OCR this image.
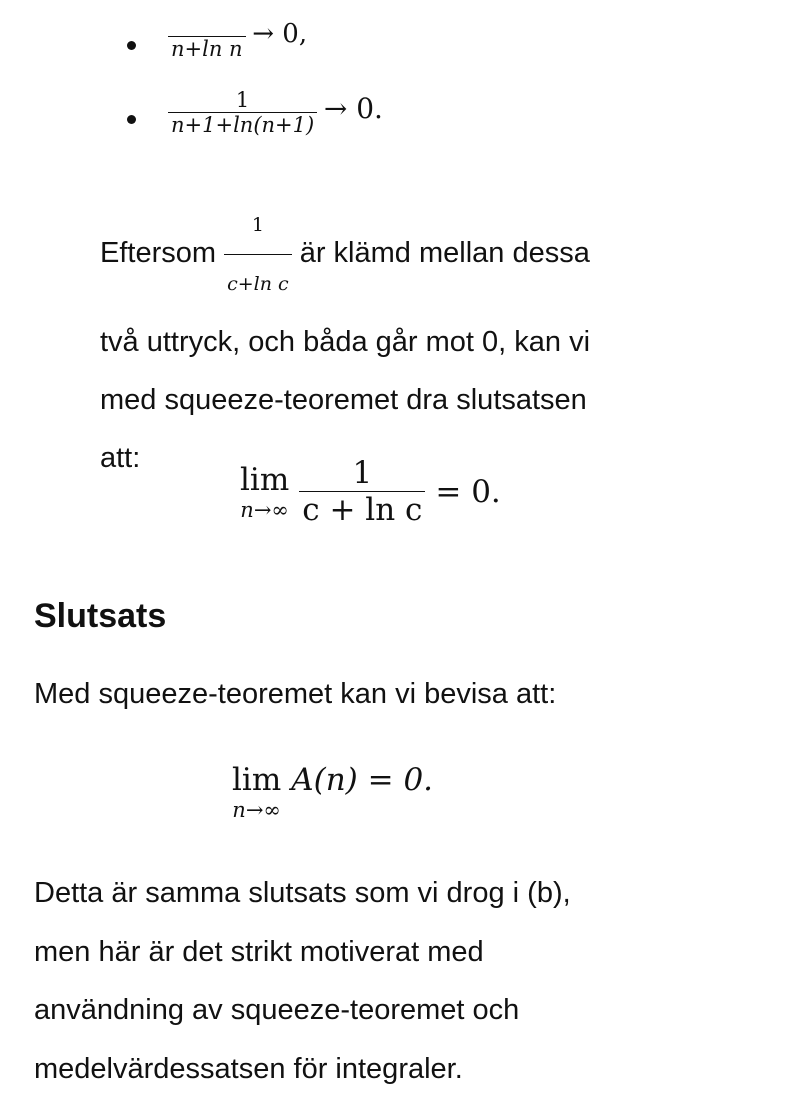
n+ln n → 0,
$\frac{1}{n+1+\ln(n+1)} \to 0$.
Eftersom $\frac{1}{\text{c+ln c}}$ är klämd mellan dessa
två uttryck, och båda går mot 0, kan vi
med squeeze-teoremet dra slutsatsen
att:
lim
$n\to\infty \frac{1}{\text{c + ln c}} = 0$.
Slutsats
Med squeeze-teoremet kan vi bevisa att:
lim
n→∞
A(n) = 0.
Detta är samma slutsats som vi drog i (b),
men här är det strikt motiverat med
användning av squeeze-teoremet och
medelvärdessatsen för integraler.
